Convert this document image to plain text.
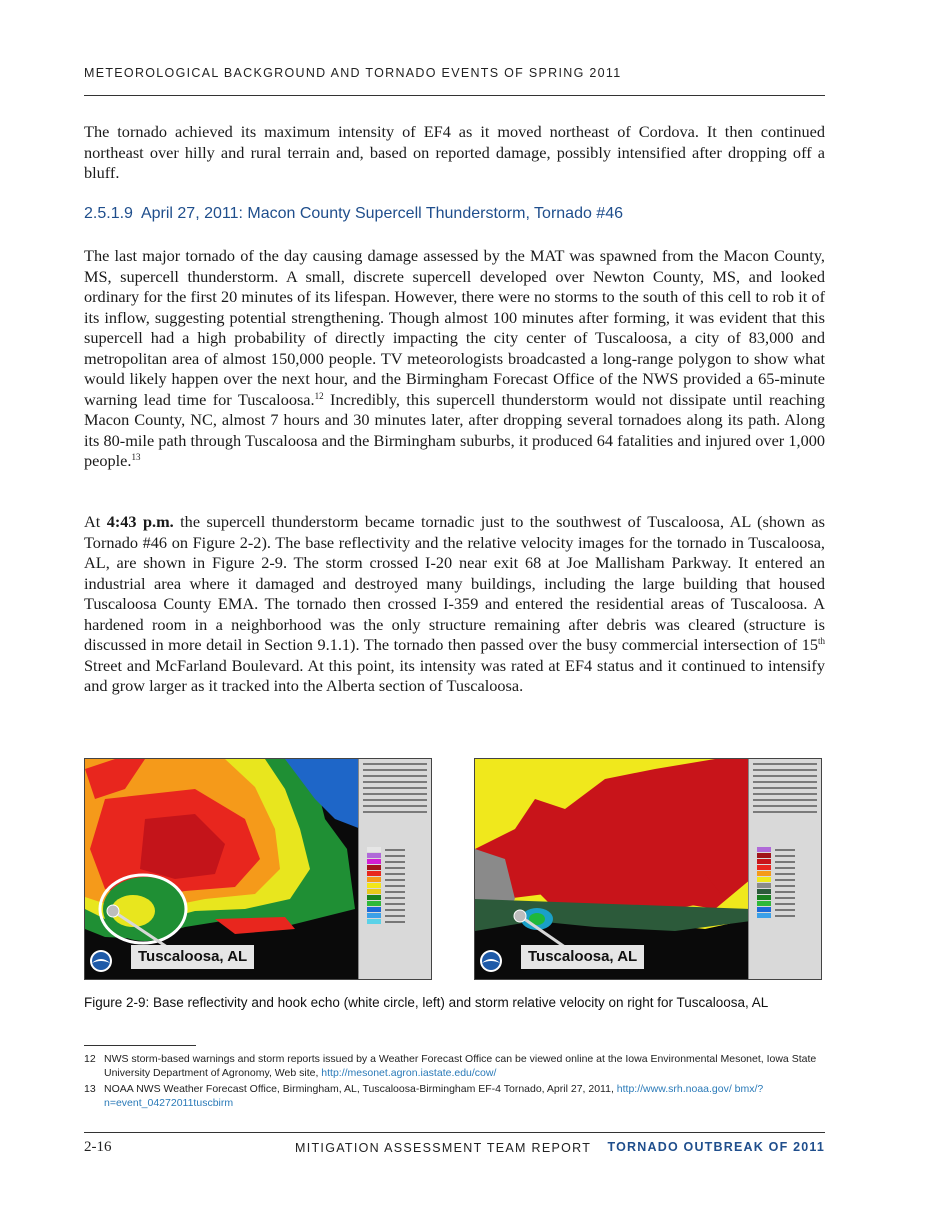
METEOROLOGICAL BACKGROUND AND TORNADO EVENTS OF SPRING 2011

The tornado achieved its maximum intensity of EF4 as it moved northeast of Cordova. It then continued northeast over hilly and rural terrain and, based on reported damage, possibly intensified after dropping off a bluff.

2.5.1.9 April 27, 2011: Macon County Supercell Thunderstorm, Tornado #46

The last major tornado of the day causing damage assessed by the MAT was spawned from the Macon County, MS, supercell thunderstorm. A small, discrete supercell developed over Newton County, MS, and looked ordinary for the first 20 minutes of its lifespan. However, there were no storms to the south of this cell to rob it of its inflow, suggesting potential strengthening. Though almost 100 minutes after forming, it was evident that this supercell had a high probability of directly impacting the city center of Tuscaloosa, a city of 83,000 and metropolitan area of almost 150,000 people. TV meteorologists broadcasted a long-range polygon to show what would likely happen over the next hour, and the Birmingham Forecast Office of the NWS provided a 65-minute warning lead time for Tuscaloosa.$^{12}$ Incredibly, this supercell thunderstorm would not dissipate until reaching Macon County, NC, almost 7 hours and 30 minutes later, after dropping several tornadoes along its path. Along its 80-mile path through Tuscaloosa and the Birmingham suburbs, it produced 64 fatalities and injured over 1,000 people.$^{13}$

At 4:43 p.m. the supercell thunderstorm became tornadic just to the southwest of Tuscaloosa, AL (shown as Tornado #46 on Figure 2-2). The base reflectivity and the relative velocity images for the tornado in Tuscaloosa, AL, are shown in Figure 2-9. The storm crossed I-20 near exit 68 at Joe Mallisham Parkway. It entered an industrial area where it damaged and destroyed many buildings, including the large building that housed Tuscaloosa County EMA. The tornado then crossed I-359 and entered the residential areas of Tuscaloosa. A hardened room in a neighborhood was the only structure remaining after debris was cleared (structure is discussed in more detail in Section 9.1.1). The tornado then passed over the busy commercial intersection of 15th Street and McFarland Boulevard. At this point, its intensity was rated at EF4 status and it continued to intensify and grow larger as it tracked into the Alberta section of Tuscaloosa.

Tuscaloosa, AL	Tuscaloosa, AL

Figure 2-9: Base reflectivity and hook echo (white circle, left) and storm relative velocity on right for Tuscaloosa, AL

12 NWS storm-based warnings and storm reports issued by a Weather Forecast Office can be viewed online at the Iowa Environmental Mesonet, Iowa State University Department of Agronomy, Web site, http://mesonet.agron.iastate.edu/cow/
13 NOAA NWS Weather Forecast Office, Birmingham, AL, Tuscaloosa-Birmingham EF-4 Tornado, April 27, 2011, http://www.srh.noaa.gov/ bmx/?n=event_04272011tuscbirm
2-16	MITIGATION ASSESSMENT TEAM REPORT TORNADO OUTBREAK OF 2011
